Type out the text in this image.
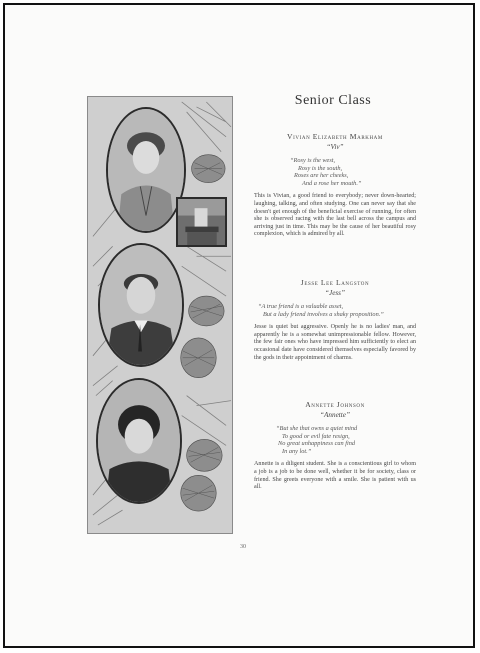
Senior Class
Vivian Elizabeth Markham
“Viv”
“Rosy is the west,
Rosy is the south,
Roses are her cheeks,
And a rose her mouth.”
This is Vivian, a good friend to everybody; never down-hearted; laughing, talking, and often studying. One can never say that she doesn't get enough of the beneficial exercise of running, for often she is observed racing with the last bell across the campus and arriving just in time. This may be the cause of her beautiful rosy complexion, which is admired by all.
Jesse Lee Langston
“Jess”
“A true friend is a valuable asset,
But a lady friend involves a shaky proposition.”
Jesse is quiet but aggressive. Openly he is no ladies' man, and apparently he is a somewhat unimpressionable fellow. However, the few fair ones who have impressed him sufficiently to elect an occasional date have considered themselves especially favored by the gods in their appointment of charms.
Annette Johnson
“Annette”
“But she that owns a quiet mind
To good or evil fate resign,
No great unhappiness can find
In any lot.”
Annette is a diligent student. She is a conscientious girl to whom a job is a job to be done well, whether it be for society, class or friend. She greets everyone with a smile. She is patient with us all.
30
